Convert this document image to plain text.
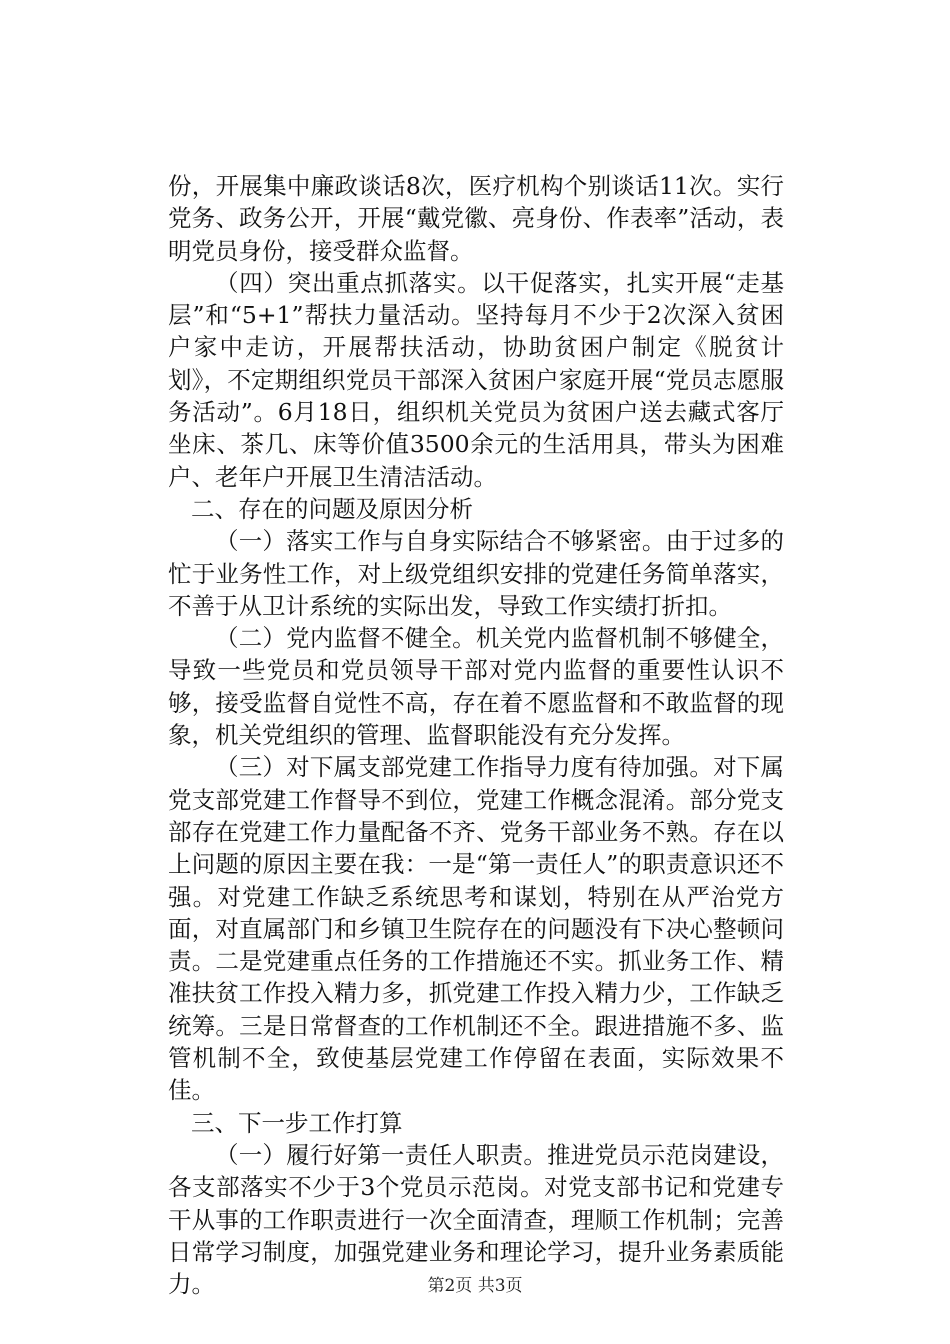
份，开展集中廉政谈话8次，医疗机构个别谈话11次。实行党务、政务公开，开展“戴党徽、亮身份、作表率”活动，表明党员身份，接受群众监督。

（四）突出重点抓落实。以干促落实，扎实开展“走基层”和“5+1”帮扶力量活动。坚持每月不少于2次深入贫困户家中走访，开展帮扶活动，协助贫困户制定《脱贫计划》，不定期组织党员干部深入贫困户家庭开展“党员志愿服务活动”。6月18日，组织机关党员为贫困户送去藏式客厅坐床、茶几、床等价值3500余元的生活用具，带头为困难户、老年户开展卫生清洁活动。

二、存在的问题及原因分析

（一）落实工作与自身实际结合不够紧密。由于过多的忙于业务性工作，对上级党组织安排的党建任务简单落实，不善于从卫计系统的实际出发，导致工作实绩打折扣。

（二）党内监督不健全。机关党内监督机制不够健全，导致一些党员和党员领导干部对党内监督的重要性认识不够，接受监督自觉性不高，存在着不愿监督和不敢监督的现象，机关党组织的管理、监督职能没有充分发挥。

（三）对下属支部党建工作指导力度有待加强。对下属党支部党建工作督导不到位，党建工作概念混淆。部分党支部存在党建工作力量配备不齐、党务干部业务不熟。存在以上问题的原因主要在我：一是“第一责任人”的职责意识还不强。对党建工作缺乏系统思考和谋划，特别在从严治党方面，对直属部门和乡镇卫生院存在的问题没有下决心整顿问责。二是党建重点任务的工作措施还不实。抓业务工作、精准扶贫工作投入精力多，抓党建工作投入精力少，工作缺乏统筹。三是日常督查的工作机制还不全。跟进措施不多、监管机制不全，致使基层党建工作停留在表面，实际效果不佳。

三、下一步工作打算

（一）履行好第一责任人职责。推进党员示范岗建设，各支部落实不少于3个党员示范岗。对党支部书记和党建专干从事的工作职责进行一次全面清查，理顺工作机制；完善日常学习制度，加强党建业务和理论学习，提升业务素质能力。	第2页 共3页
